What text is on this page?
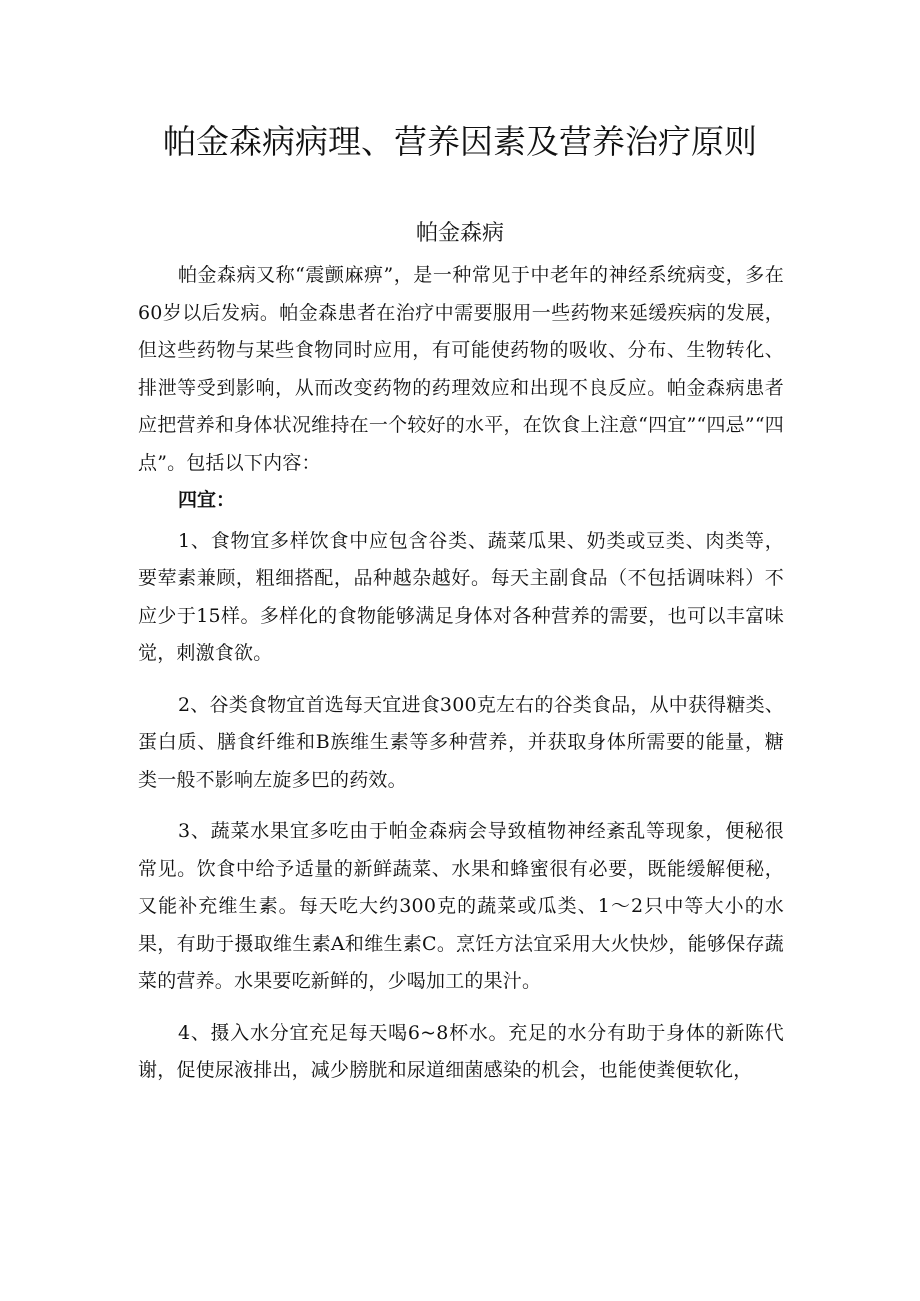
帕金森病病理、营养因素及营养治疗原则
帕金森病

帕金森病又称“震颤麻痹”，是一种常见于中老年的神经系统病变，多在60岁以后发病。帕金森患者在治疗中需要服用一些药物来延缓疾病的发展，但这些药物与某些食物同时应用，有可能使药物的吸收、分布、生物转化、排泄等受到影响，从而改变药物的药理效应和出现不良反应。帕金森病患者应把营养和身体状况维持在一个较好的水平，在饮食上注意“四宜”“四忌”“四点”。包括以下内容：

四宜：

1、食物宜多样饮食中应包含谷类、蔬菜瓜果、奶类或豆类、肉类等，要荤素兼顾，粗细搭配，品种越杂越好。每天主副食品（不包括调味料）不应少于15样。多样化的食物能够满足身体对各种营养的需要，也可以丰富味觉，刺激食欲。

2、谷类食物宜首选每天宜进食300克左右的谷类食品，从中获得糖类、蛋白质、膳食纤维和B族维生素等多种营养，并获取身体所需要的能量，糖类一般不影响左旋多巴的药效。

3、蔬菜水果宜多吃由于帕金森病会导致植物神经紊乱等现象，便秘很常见。饮食中给予适量的新鲜蔬菜、水果和蜂蜜很有必要，既能缓解便秘，又能补充维生素。每天吃大约300克的蔬菜或瓜类、1～2只中等大小的水果，有助于摄取维生素A和维生素C。烹饪方法宜采用大火快炒，能够保存蔬菜的营养。水果要吃新鲜的，少喝加工的果汁。

4、摄入水分宜充足每天喝6~8杯水。充足的水分有助于身体的新陈代谢，促使尿液排出，减少膀胱和尿道细菌感染的机会，也能使粪便软化，
